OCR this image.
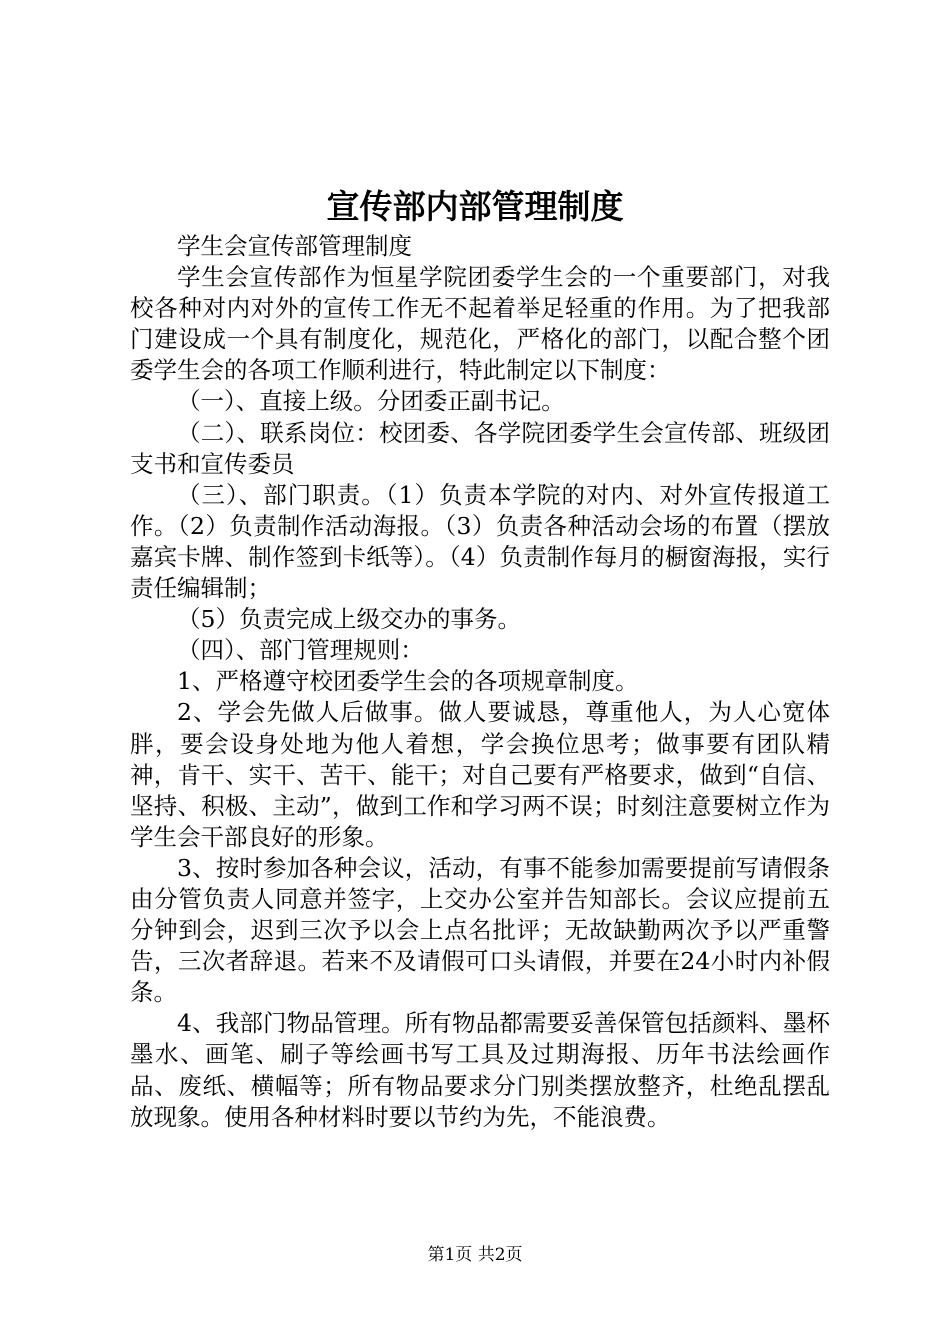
宣传部内部管理制度

学生会宣传部管理制度

学生会宣传部作为恒星学院团委学生会的一个重要部门，对我校各种对内对外的宣传工作无不起着举足轻重的作用。为了把我部门建设成一个具有制度化，规范化，严格化的部门，以配合整个团委学生会的各项工作顺利进行，特此制定以下制度：

（一）、直接上级。分团委正副书记。

（二）、联系岗位：校团委、各学院团委学生会宣传部、班级团支书和宣传委员

（三）、部门职责。（1）负责本学院的对内、对外宣传报道工作。（2）负责制作活动海报。（3）负责各种活动会场的布置（摆放嘉宾卡牌、制作签到卡纸等）。（4）负责制作每月的橱窗海报，实行责任编辑制；

（5）负责完成上级交办的事务。

（四）、部门管理规则：

1、严格遵守校团委学生会的各项规章制度。

2、学会先做人后做事。做人要诚恳，尊重他人，为人心宽体胖，要会设身处地为他人着想，学会换位思考；做事要有团队精神，肯干、实干、苦干、能干；对自己要有严格要求，做到“自信、坚持、积极、主动”，做到工作和学习两不误；时刻注意要树立作为学生会干部良好的形象。

3、按时参加各种会议，活动，有事不能参加需要提前写请假条由分管负责人同意并签字，上交办公室并告知部长。会议应提前五分钟到会，迟到三次予以会上点名批评；无故缺勤两次予以严重警告，三次者辞退。若来不及请假可口头请假，并要在24小时内补假条。

4、我部门物品管理。所有物品都需要妥善保管包括颜料、墨杯墨水、画笔、刷子等绘画书写工具及过期海报、历年书法绘画作品、废纸、横幅等；所有物品要求分门别类摆放整齐，杜绝乱摆乱放现象。使用各种材料时要以节约为先，不能浪费。

第1页 共2页
